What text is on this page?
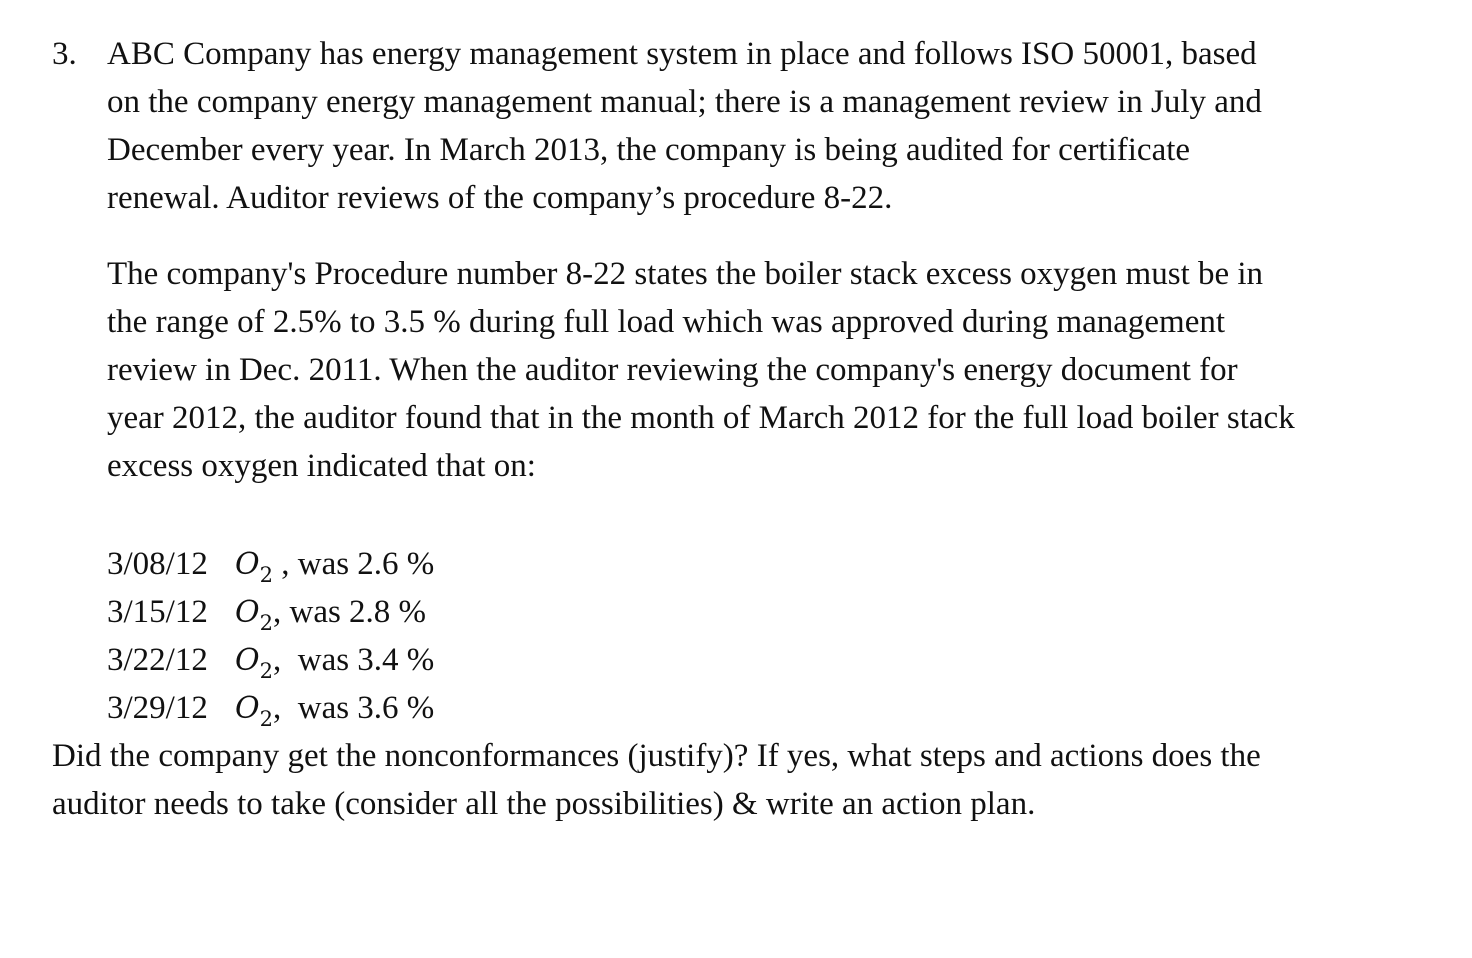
3. ABC Company has energy management system in place and follows ISO 50001, based
on the company energy management manual; there is a management review in July and
December every year. In March 2013, the company is being audited for certificate
renewal. Auditor reviews of the company’s procedure 8-22.
The company's Procedure number 8-22 states the boiler stack excess oxygen must be in
the range of 2.5% to 3.5 % during full load which was approved during management
review in Dec. 2011. When the auditor reviewing the company's energy document for
year 2012, the auditor found that in the month of March 2012 for the full load boiler stack
excess oxygen indicated that on:
3/08/12 $O_2$ , was 2.6 %
3/15/12 $O_2$, was 2.8 %
3/22/12 $O_2$,  was 3.4 %
3/29/12 $O_2$,  was 3.6 %
Did the company get the nonconformances (justify)? If yes, what steps and actions does the
auditor needs to take (consider all the possibilities) & write an action plan.
